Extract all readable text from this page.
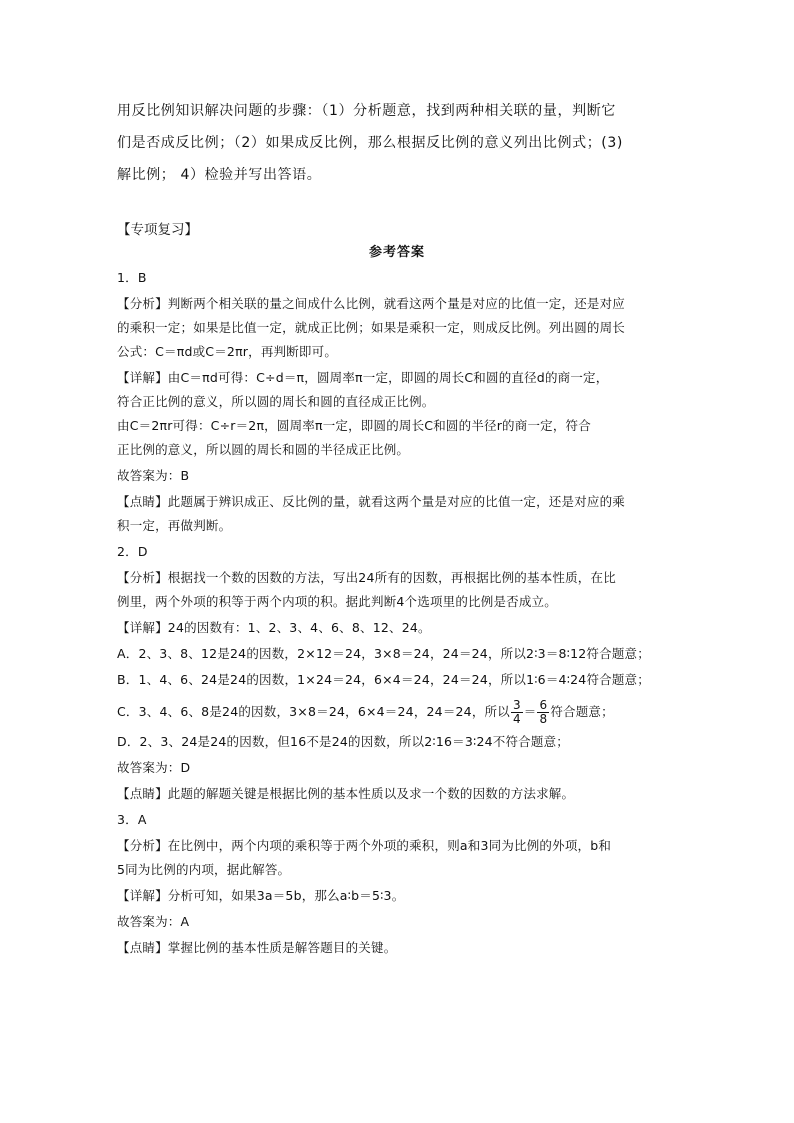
用反比例知识解决问题的步骤：（1）分析题意，找到两种相关联的量，判断它
们是否成反比例；（2）如果成反比例，那么根据反比例的意义列出比例式；(3)
解比例； 4）检验并写出答语。
【专项复习】
参考答案
1．B
【分析】判断两个相关联的量之间成什么比例，就看这两个量是对应的比值一定，还是对应
的乘积一定；如果是比值一定，就成正比例；如果是乘积一定，则成反比例。列出圆的周长
公式：C＝πd或C＝2πr，再判断即可。
【详解】由C＝πd可得：C÷d＝π，圆周率π一定，即圆的周长C和圆的直径d的商一定，
符合正比例的意义，所以圆的周长和圆的直径成正比例。
由C＝2πr可得：C÷r＝2π，圆周率π一定，即圆的周长C和圆的半径r的商一定，符合
正比例的意义，所以圆的周长和圆的半径成正比例。
故答案为：B
【点睛】此题属于辨识成正、反比例的量，就看这两个量是对应的比值一定，还是对应的乘
积一定，再做判断。
2．D
【分析】根据找一个数的因数的方法，写出24所有的因数，再根据比例的基本性质，在比
例里，两个外项的积等于两个内项的积。据此判断4个选项里的比例是否成立。
【详解】24的因数有：1、2、3、4、6、8、12、24。
A．2、3、8、12是24的因数，2×12＝24，3×8＝24，24＝24，所以2∶3＝8∶12符合题意；
B．1、4、6、24是24的因数，1×24＝24，6×4＝24，24＝24，所以1∶6＝4∶24符合题意；
C．3、4、6、8是24的因数，3×8＝24，6×4＝24，24＝24，所以 $\frac{3}{4} = \frac{6}{8}$ 符合题意；
D．2、3、24是24的因数，但16不是24的因数，所以2∶16＝3∶24不符合题意；
故答案为：D
【点睛】此题的解题关键是根据比例的基本性质以及求一个数的因数的方法求解。
3．A
【分析】在比例中，两个内项的乘积等于两个外项的乘积，则a和3同为比例的外项，b和
5同为比例的内项，据此解答。
【详解】分析可知，如果3a＝5b，那么a∶b＝5∶3。
故答案为：A
【点睛】掌握比例的基本性质是解答题目的关键。
